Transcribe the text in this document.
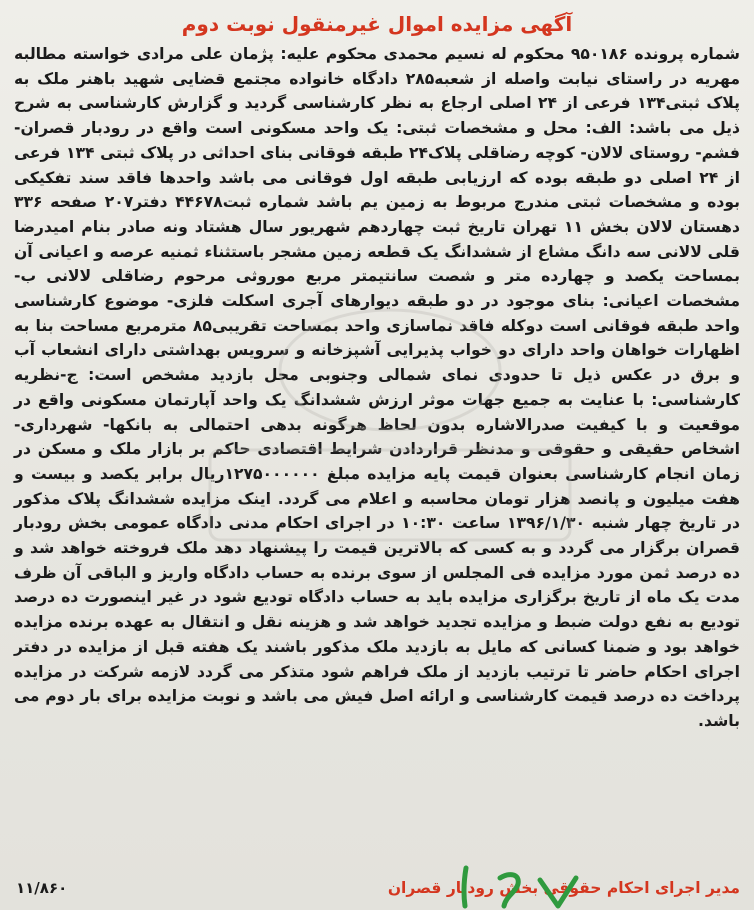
آگهی مزایده اموال غیرمنقول نوبت دوم

شماره پرونده ۹۵۰۱۸۶ محکوم له نسیم محمدی محکوم علیه: پژمان علی مرادی خواسته مطالبه مهریه در راستای نیابت واصله از شعبه۲۸۵ دادگاه خانواده مجتمع قضایی شهید باهنر ملک به پلاک ثبتی۱۳۴ فرعی از ۲۴ اصلی ارجاع به نظر کارشناسی گردید و گزارش کارشناسی به شرح ذیل می باشد: الف: محل و مشخصات ثبتی: یک واحد مسکونی است واقع در رودبار قصران- فشم- روستای لالان- کوچه رضاقلی پلاک۲۴ طبقه فوقانی بنای احداثی در پلاک ثبتی ۱۳۴ فرعی از ۲۴ اصلی دو طبقه بوده که ارزیابی طبقه اول فوقانی می باشد واحدها فاقد سند تفکیکی بوده و مشخصات ثبتی مندرج مربوط به زمین یم باشد شماره ثبت۴۴۶۷۸ دفتر۲۰۷ صفحه ۳۳۶ دهستان لالان بخش ۱۱ تهران تاریخ ثبت چهاردهم شهریور سال هشتاد ونه صادر بنام امیدرضا قلی لالانی سه دانگ مشاع از ششدانگ یک قطعه زمین مشجر باستثناء ثمنیه عرصه و اعیانی آن بمساحت یکصد و چهارده متر و شصت سانتیمتر مربع موروثی مرحوم رضاقلی لالانی ب- مشخصات اعیانی: بنای موجود در دو طبقه دیوارهای آجری اسکلت فلزی- موضوع کارشناسی واحد طبقه فوقانی است دوکله فاقد نماسازی واحد بمساحت تقریبی۸۵ مترمربع مساحت بنا به اظهارات خواهان واحد دارای دو خواب پذیرایی آشپزخانه و سرویس بهداشتی دارای انشعاب آب و برق در عکس ذیل تا حدودی نمای شمالی وجنوبی محل بازدید مشخص است: ج-نظریه کارشناسی: با عنایت به جمیع جهات موثر ارزش ششدانگ یک واحد آپارتمان مسکونی واقع در موقعیت و با کیفیت صدرالاشاره بدون لحاظ هرگونه بدهی احتمالی به بانکها- شهرداری- اشخاص حقیقی و حقوقی و مدنظر قراردادن شرایط اقتصادی حاکم بر بازار ملک و مسکن در زمان انجام کارشناسی بعنوان قیمت پایه مزایده مبلغ ۱۲۷۵۰۰۰۰۰۰ریال برابر یکصد و بیست و هفت میلیون و پانصد هزار تومان محاسبه و اعلام می گردد. اینک مزایده ششدانگ پلاک مذکور در تاریخ چهار شنبه ۱۳۹۶/۱/۳۰ ساعت ۱۰:۳۰ در اجرای احکام مدنی دادگاه عمومی بخش رودبار قصران برگزار می گردد و به کسی که بالاترین قیمت را پیشنهاد دهد ملک فروخته خواهد شد و ده درصد ثمن مورد مزایده فی المجلس از سوی برنده به حساب دادگاه واریز و الباقی آن ظرف مدت یک ماه از تاریخ برگزاری مزایده باید به حساب دادگاه تودیع شود در غیر اینصورت ده درصد تودیع به نفع دولت ضبط و مزایده تجدید خواهد شد و هزینه نقل و انتقال به عهده برنده مزایده خواهد بود و ضمنا کسانی که مایل به بازدید ملک مذکور باشند یک هفته قبل از مزایده در دفتر اجرای احکام حاضر تا ترتیب بازدید از ملک فراهم شود متذکر می گردد لازمه شرکت در مزایده پرداخت ده درصد قیمت کارشناسی و ارائه اصل فیش می باشد و نوبت مزایده برای بار دوم می باشد.

مدیر اجرای احکام حقوقی بخش رودبار قصران
۱۱/۸۶۰
